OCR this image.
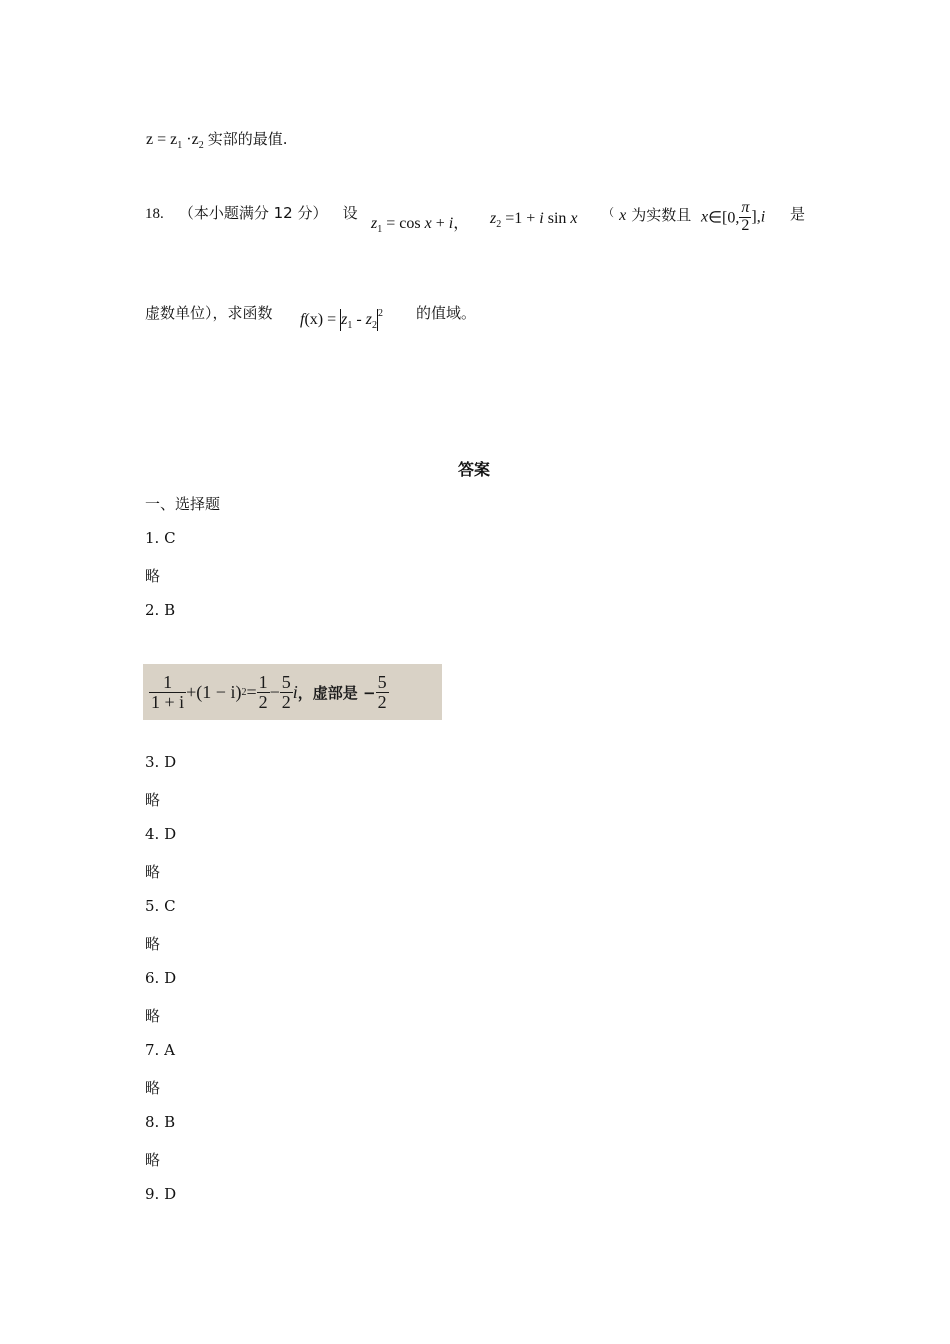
$z = z_1 \cdot z_2$ 实部的最值.
18. （本小题满分 12 分） 设
$z_1 = \cos x + i$， $z_2 =1 + i$ sin x （ x 为实数且 x∈[0, $\frac{\pi}{2} ],i$ 是
虚数单位），求函数 $f(x) = z_1 - z_2^2$ 的值域。
答案
一、选择题
1. C
略
2. B
$\frac{1}{1 + i} +(1 - i) 2 = \frac{1}{2} - \frac{5}{2}$ i ，虚部是 − $\frac{5}{2}$
3. D
略
4. D
略
5. C
略
6. D
略
7. A
略
8. B
略
9. D
